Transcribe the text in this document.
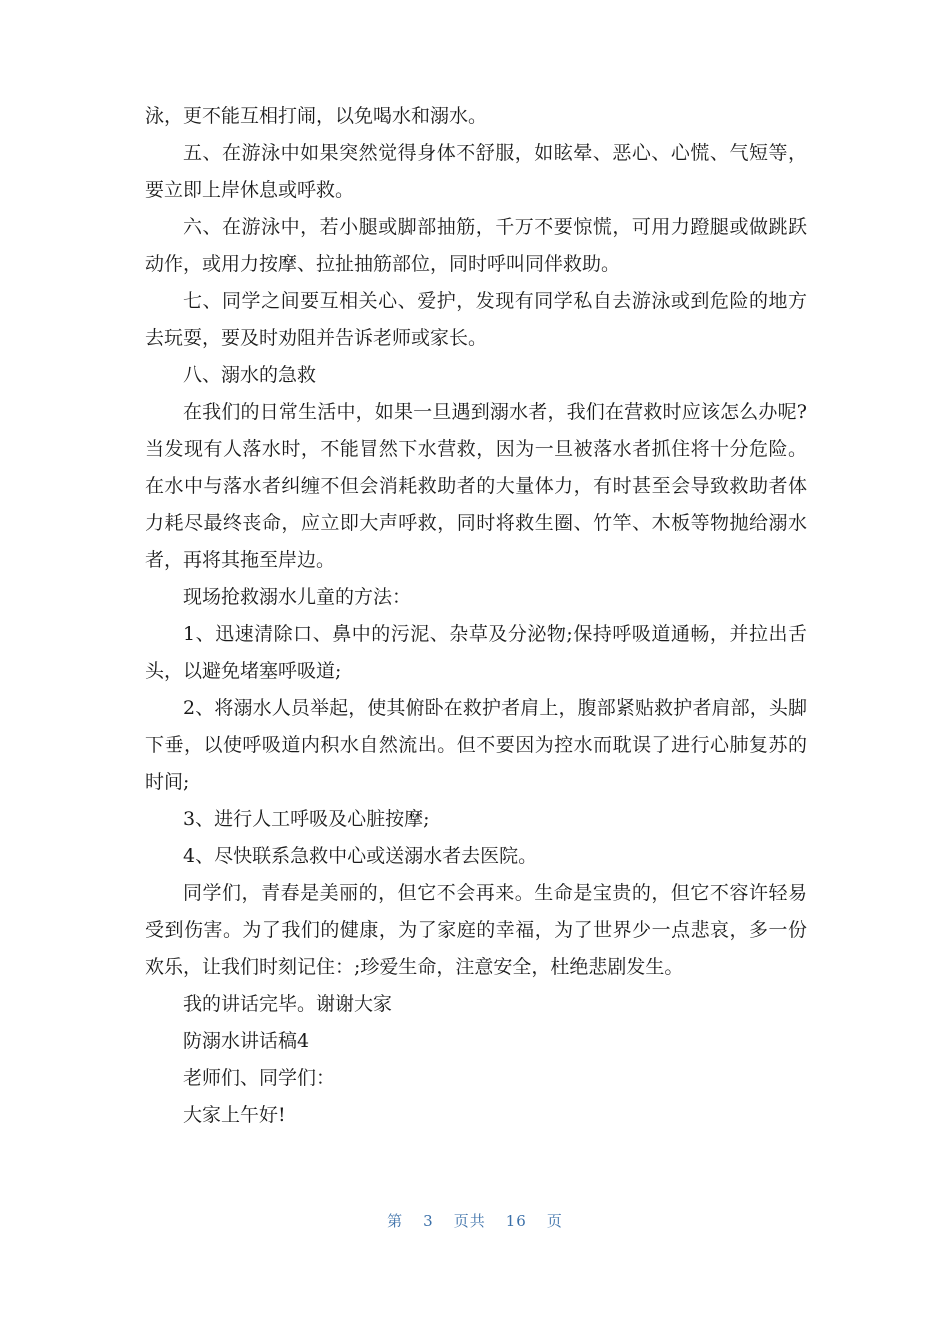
泳，更不能互相打闹，以免喝水和溺水。

五、在游泳中如果突然觉得身体不舒服，如眩晕、恶心、心慌、气短等，要立即上岸休息或呼救。

六、在游泳中，若小腿或脚部抽筋，千万不要惊慌，可用力蹬腿或做跳跃动作，或用力按摩、拉扯抽筋部位，同时呼叫同伴救助。

七、同学之间要互相关心、爱护，发现有同学私自去游泳或到危险的地方去玩耍，要及时劝阻并告诉老师或家长。

八、溺水的急救

在我们的日常生活中，如果一旦遇到溺水者，我们在营救时应该怎么办呢?当发现有人落水时，不能冒然下水营救，因为一旦被落水者抓住将十分危险。在水中与落水者纠缠不但会消耗救助者的大量体力，有时甚至会导致救助者体力耗尽最终丧命，应立即大声呼救，同时将救生圈、竹竿、木板等物抛给溺水者，再将其拖至岸边。

现场抢救溺水儿童的方法：

1、迅速清除口、鼻中的污泥、杂草及分泌物;保持呼吸道通畅，并拉出舌头，以避免堵塞呼吸道;

2、将溺水人员举起，使其俯卧在救护者肩上，腹部紧贴救护者肩部，头脚下垂，以使呼吸道内积水自然流出。但不要因为控水而耽误了进行心肺复苏的时间;

3、进行人工呼吸及心脏按摩;

4、尽快联系急救中心或送溺水者去医院。

同学们，青春是美丽的，但它不会再来。生命是宝贵的，但它不容许轻易受到伤害。为了我们的健康，为了家庭的幸福，为了世界少一点悲哀，多一份欢乐，让我们时刻记住：;珍爱生命，注意安全，杜绝悲剧发生。

我的讲话完毕。谢谢大家

防溺水讲话稿4

老师们、同学们：

大家上午好!

第 3 页共 16 页
